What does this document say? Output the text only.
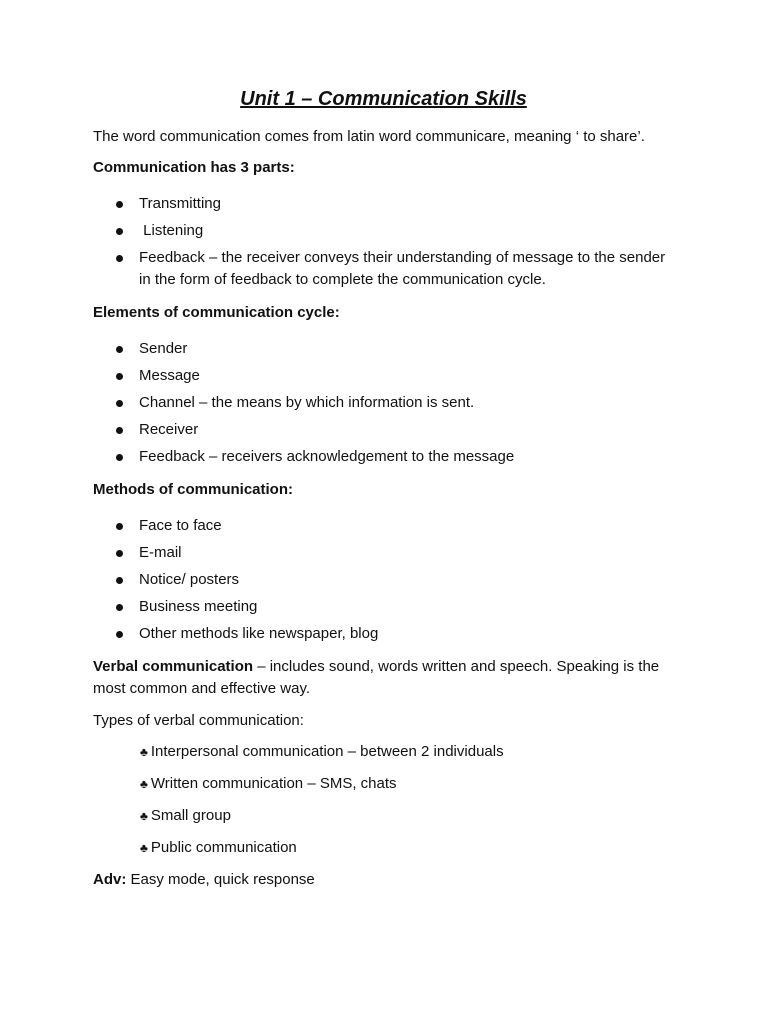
Unit 1 – Communication Skills

The word communication comes from latin word communicare, meaning ‘ to share’.

Communication has 3 parts:

Transmitting
Listening
Feedback – the receiver conveys their understanding of message to the sender in the form of feedback to complete the communication cycle.

Elements of communication cycle:

Sender
Message
Channel – the means by which information is sent.
Receiver
Feedback – receivers acknowledgement to the message

Methods of communication:

Face to face
E-mail
Notice/ posters
Business meeting
Other methods like newspaper, blog

Verbal communication – includes sound, words written and speech. Speaking is the most common and effective way.

Types of verbal communication:

♣ Interpersonal communication – between 2 individuals
♣ Written communication – SMS, chats
♣ Small group
♣ Public communication

Adv: Easy mode, quick response
